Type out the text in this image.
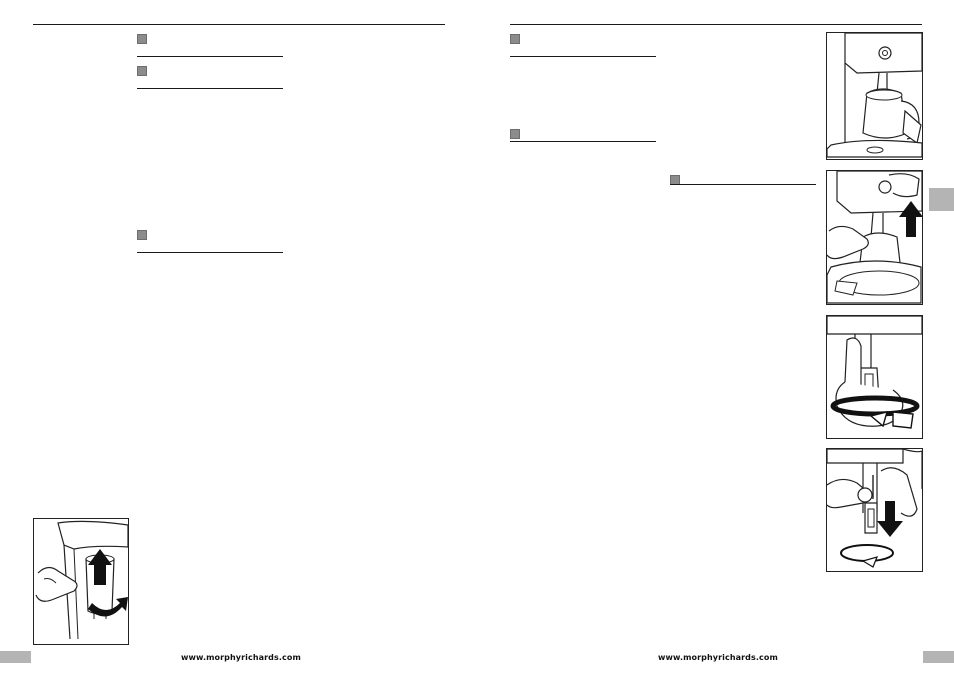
www.morphyrichards.com	www.morphyrichards.com
